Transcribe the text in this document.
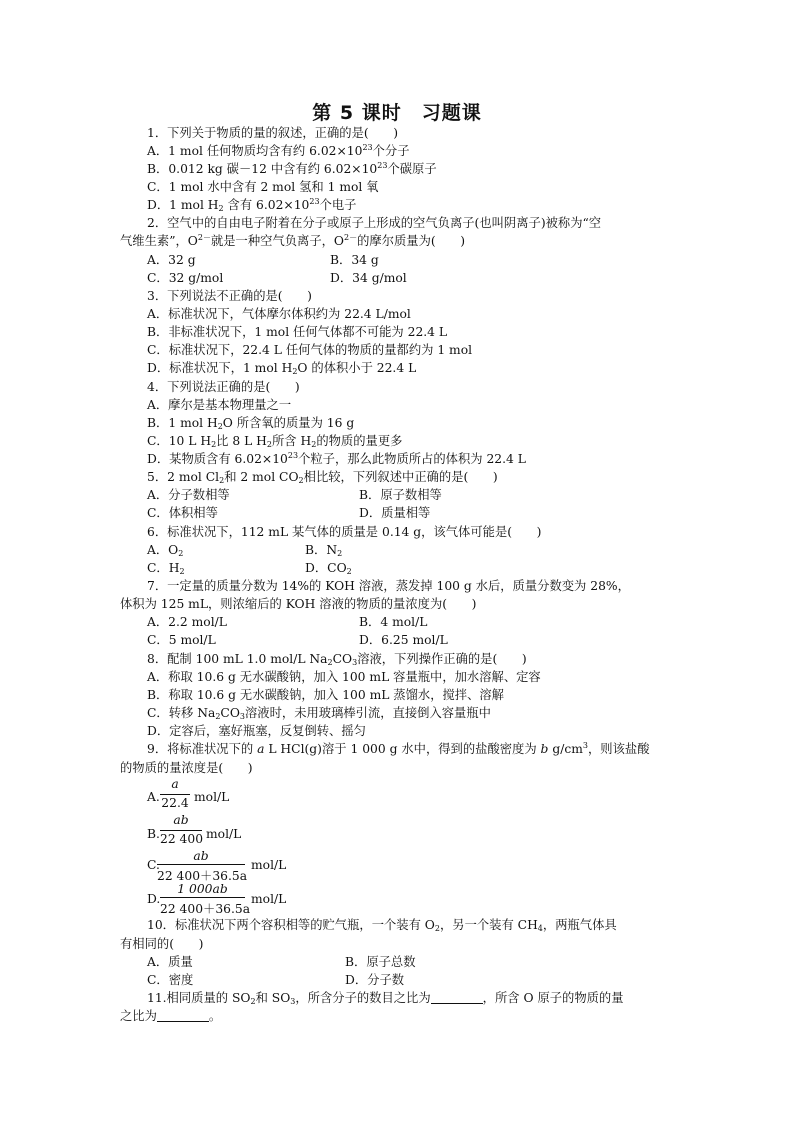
第 5 课时　习题课
1．下列关于物质的量的叙述，正确的是(　　)
A．1 mol 任何物质均含有约 $6.02\times 10^{23}$个分子
B．0.012 kg 碳－12 中含有约 $6.02\times 10^{23}$个碳原子
C．1 mol 水中含有 2 mol 氢和 1 mol 氧
D．1 mol $H_2$ 含有 $6.02\times 10^{23}$个电子
2．空气中的自由电子附着在分子或原子上形成的空气负离子(也叫阴离子)被称为“空
气维生素”，$O^{2-}$就是一种空气负离子，$O^{2-}$的摩尔质量为(　　)
A．32 g	B．34 g
C．32 g/mol	D．34 g/mol
3．下列说法不正确的是(　　)
A．标准状况下，气体摩尔体积约为 22.4 L/mol
B．非标准状况下，1 mol 任何气体都不可能为 22.4 L
C．标准状况下，22.4 L 任何气体的物质的量都约为 1 mol
D．标准状况下，1 mol $H_2O$ 的体积小于 22.4 L
4．下列说法正确的是(　　)
A．摩尔是基本物理量之一
B．1 mol $H_2O$ 所含氧的质量为 16 g
C．10 L $H_2$比 8 L $H_2$所含 $H_2$的物质的量更多
D．某物质含有 $6.02\times 10^{23}$个粒子，那么此物质所占的体积为 22.4 L
5．2 mol $Cl_2$和 2 mol $CO_2$相比较，下列叙述中正确的是(　　)
A．分子数相等	B．原子数相等
C．体积相等	D．质量相等
6．标准状况下，112 mL 某气体的质量是 0.14 g，该气体可能是(　　)
A．$O_2$	B．$N_2$
C．$H_2$	D．$CO_2$
7．一定量的质量分数为 14%的 KOH 溶液，蒸发掉 100 g 水后，质量分数变为 28%，
体积为 125 mL，则浓缩后的 KOH 溶液的物质的量浓度为(　　)
A．2.2 mol/L	B．4 mol/L
C．5 mol/L	D．6.25 mol/L
8．配制 100 mL 1.0 mol/L $Na_2CO_3$溶液，下列操作正确的是(　　)
A．称取 10.6 g 无水碳酸钠，加入 100 mL 容量瓶中，加水溶解、定容
B．称取 10.6 g 无水碳酸钠，加入 100 mL 蒸馏水，搅拌、溶解
C．转移 $Na_2CO_3$溶液时，未用玻璃棒引流，直接倒入容量瓶中
D．定容后，塞好瓶塞，反复倒转、摇匀
9．将标准状况下的 a L HCl(g)溶于 1 000 g 水中，得到的盐酸密度为 b $g/cm^3$，则该盐酸
的物质的量浓度是(　　)
A.
a
22.4 mol/L
B.
ab
22 400 mol/L
C.
ab
22 400＋36.5a
mol/L
D.
1 000ab
22 400＋36.5a
mol/L
10．标准状况下两个容积相等的贮气瓶，一个装有 $O_2$，另一个装有 $CH_4$，两瓶气体具
有相同的(　　)
A．质量	B．原子总数
C．密度	D．分子数
11.相同质量的 $SO_2$和 $SO_3$，所含分子的数目之比为	，所含 O 原子的物质的量
之比为	。
